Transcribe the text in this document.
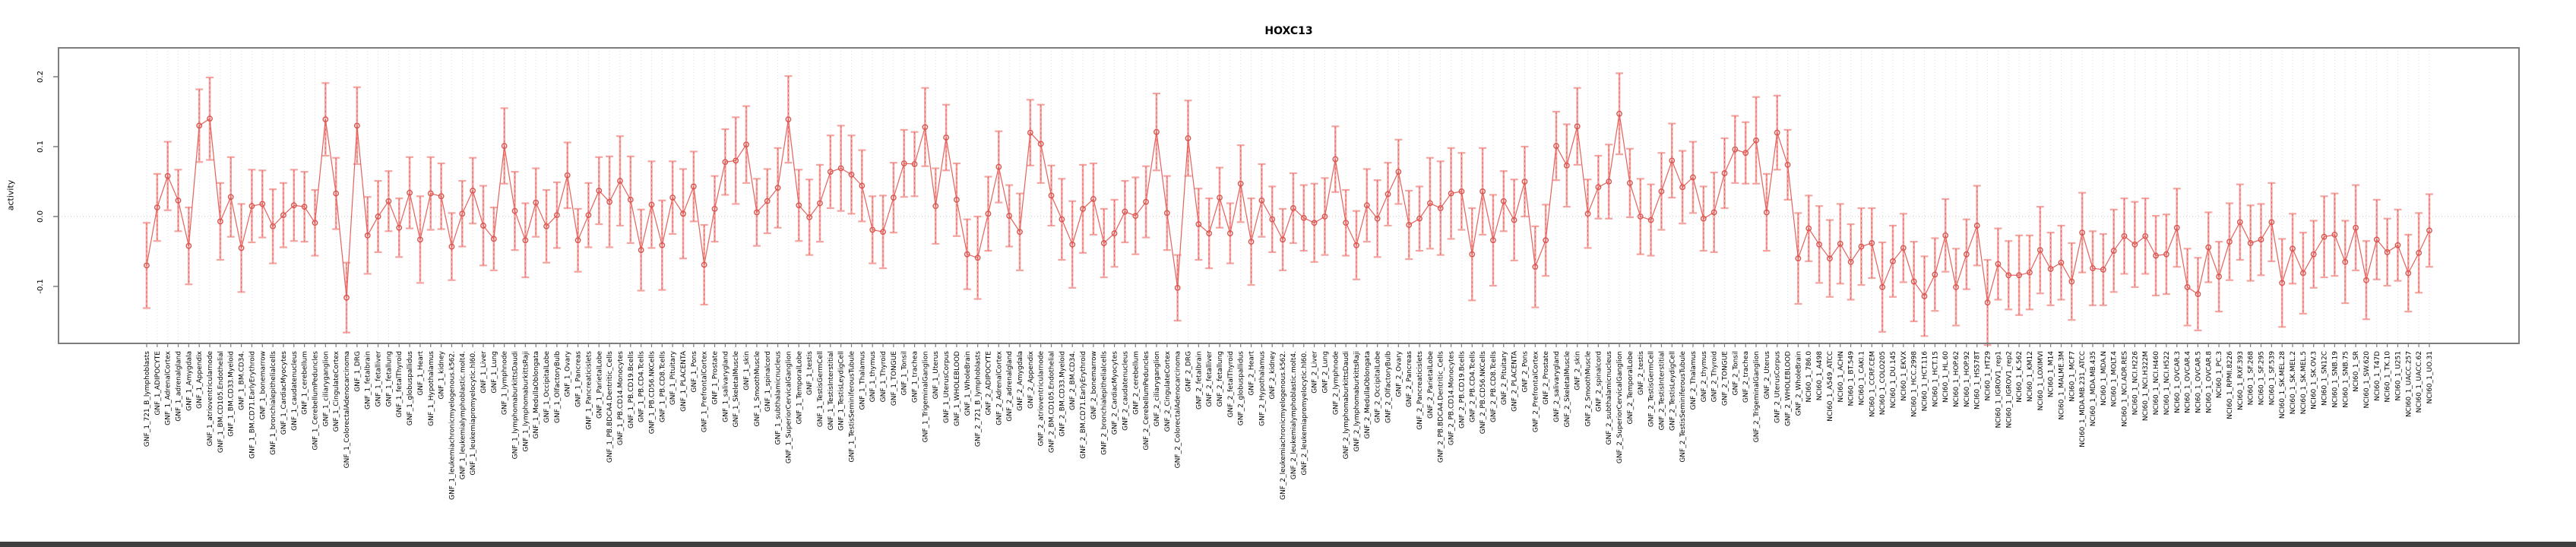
HOXC13
activity
-0.1
0.0
0.1
0.2
GNF_1_721_B_lymphoblasts GNF_1_ADIPOCYTE GNF_1_AdrenalCortex GNF_1_adrenalgland GNF_1_Amygdala GNF_1_Appendix GNF_1_atrioventricularnode GNF_1_BM.CD105.Endothelial GNF_1_BM.CD33.Myeloid GNF_1_BM.CD34. GNF_1_BM.CD71.EarlyErythroid GNF_1_bonemarrow GNF_1_bronchialepithelialcells GNF_1_CardiacMyocytes GNF_1_caudatenucleus GNF_1_cerebellum GNF_1_CerebellumPeduncles GNF_1_ciliaryganglion GNF_1_CingulateCortex GNF_1_ColorectalAdenocarcinoma GNF_1_DRG GNF_1_fetalbrain GNF_1_fetalliver GNF_1_fetallung GNF_1_fetalThyroid GNF_1_globuspallidus GNF_1_Heart GNF_1_Hypothalamus GNF_1_kidney GNF_1_leukemiachronicmyelogenous.k562. GNF_1_leukemialymphoblastic.molt4. GNF_1_leukemiapromyelocytic.hl60. GNF_1_Liver GNF_1_Lung GNF_1_lymphnode GNF_1_lymphomaburkittsDaudi GNF_1_lymphomaburkittsRaji GNF_1_MedullaOblongata GNF_1_OccipitalLobe GNF_1_OlfactoryBulb GNF_1_Ovary GNF_1_Pancreas GNF_1_Pancreaticislets GNF_1_ParietalLobe GNF_1_PB.BDCA4.Dentritic_Cells GNF_1_PB.CD14.Monocytes GNF_1_PB.CD19.Bcells GNF_1_PB.CD4.Tcells GNF_1_PB.CD56.NKCells GNF_1_PB.CD8.Tcells GNF_1_Pituitary GNF_1_PLACENTA GNF_1_Pons GNF_1_PrefrontalCortex GNF_1_Prostate GNF_1_salivarygland GNF_1_SkeletalMuscle GNF_1_skin GNF_1_SmoothMuscle GNF_1_spinalcord GNF_1_subthalamicnucleus GNF_1_SuperiorCervicalGanglion GNF_1_TemporalLobe GNF_1_testis GNF_1_TestisGermCell GNF_1_TestisInterstitial GNF_1_TestisLeydigCell GNF_1_TestisSeminiferousTubule GNF_1_Thalamus GNF_1_thymus GNF_1_Thyroid GNF_1_TONGUE GNF_1_Tonsil GNF_1_trachea GNF_1_TrigeminalGanglion GNF_1_Uterus GNF_1_UterusCorpus GNF_1_WHOLEBLOOD GNF_1_WholeBrain GNF_2_721_B_lymphoblasts GNF_2_ADIPOCYTE GNF_2_AdrenalCortex GNF_2_adrenalgland GNF_2_Amygdala GNF_2_Appendix GNF_2_atrioventricularnode GNF_2_BM.CD105.Endothelial GNF_2_BM.CD33.Myeloid GNF_2_BM.CD34. GNF_2_BM.CD71.EarlyErythroid GNF_2_bonemarrow GNF_2_bronchialepithelialcells GNF_2_CardiacMyocytes GNF_2_caudatenucleus GNF_2_cerebellum GNF_2_CerebellumPeduncles GNF_2_ciliaryganglion GNF_2_CingulateCortex GNF_2_ColorectalAdenocarcinoma GNF_2_DRG GNF_2_fetalbrain GNF_2_fetalliver GNF_2_fetallung GNF_2_fetalThyroid GNF_2_globuspallidus GNF_2_Heart GNF_2_Hypothalamus GNF_2_kidney GNF_2_leukemiachronicmyelogenous.k562. GNF_2_leukemialymphoblastic.molt4. GNF_2_leukemiapromyelocytic.hl60. GNF_2_Liver GNF_2_Lung GNF_2_lymphnode GNF_2_lymphomaburkittsDaudi GNF_2_lymphomaburkittsRaji GNF_2_MedullaOblongata GNF_2_OccipitalLobe GNF_2_OlfactoryBulb GNF_2_Ovary GNF_2_Pancreas GNF_2_Pancreaticislets GNF_2_ParietalLobe GNF_2_PB.BDCA4.Dentritic_Cells GNF_2_PB.CD14.Monocytes GNF_2_PB.CD19.Bcells GNF_2_PB.CD4.Tcells GNF_2_PB.CD56.NKCells GNF_2_PB.CD8.Tcells GNF_2_Pituitary GNF_2_PLACENTA GNF_2_Pons GNF_2_PrefrontalCortex GNF_2_Prostate GNF_2_salivarygland GNF_2_SkeletalMuscle GNF_2_skin GNF_2_SmoothMuscle GNF_2_spinalcord GNF_2_subthalamicnucleus GNF_2_SuperiorCervicalGanglion GNF_2_TemporalLobe GNF_2_testis GNF_2_TestisGermCell GNF_2_TestisInterstitial GNF_2_TestisLeydigCell GNF_2_TestisSeminiferousTubule GNF_2_Thalamus GNF_2_thymus GNF_2_Thyroid GNF_2_TONGUE GNF_2_Tonsil GNF_2_trachea GNF_2_TrigeminalGanglion GNF_2_Uterus GNF_2_UterusCorpus GNF_2_WHOLEBLOOD GNF_2_WholeBrain NCI60_1_786.0 NCI60_1_A498 NCI60_1_A549_ATCC NCI60_1_ACHN NCI60_1_BT.549 NCI60_1_CAKI.1 NCI60_1_CCRF.CEM NCI60_1_COLO205 NCI60_1_DU.145 NCI60_1_EKVX NCI60_1_HCC.2998 NCI60_1_HCT.116 NCI60_1_HCT.15 NCI60_1_HL.60 NCI60_1_HOP.62 NCI60_1_HOP.92 NCI60_1_HS578T NCI60_1_HT29 NCI60_1_IGROV1_rep1 NCI60_1_IGROV1_rep2 NCI60_1_K.562 NCI60_1_KM12 NCI60_1_LOXIMVI NCI60_1_M14 NCI60_1_MALME.3M NCI60_1_MCF7 NCI60_1_MDA.MB.231_ATCC NCI60_1_MDA.MB.435 NCI60_1_MDA.N NCI60_1_MOLT.4 NCI60_1_NCI.ADR.RES NCI60_1_NCI.H226 NCI60_1_NCI.H322M NCI60_1_NCI.H460 NCI60_1_NCI.H522 NCI60_1_OVCAR.3 NCI60_1_OVCAR.4 NCI60_1_OVCAR.5 NCI60_1_OVCAR.8 NCI60_1_PC.3 NCI60_1_RPMI.8226 NCI60_1_RXF.393 NCI60_1_SF.268 NCI60_1_SF.295 NCI60_1_SF.539 NCI60_1_SK.MEL.28 NCI60_1_SK.MEL.2 NCI60_1_SK.MEL.5 NCI60_1_SK.OV.3 NCI60_1_SN12C NCI60_1_SNB.19 NCI60_1_SNB.75 NCI60_1_SR NCI60_1_SW.620 NCI60_1_T47D NCI60_1_TK.10 NCI60_1_U251 NCI60_1_UACC.257 NCI60_1_UACC.62 NCI60_1_UO.31
